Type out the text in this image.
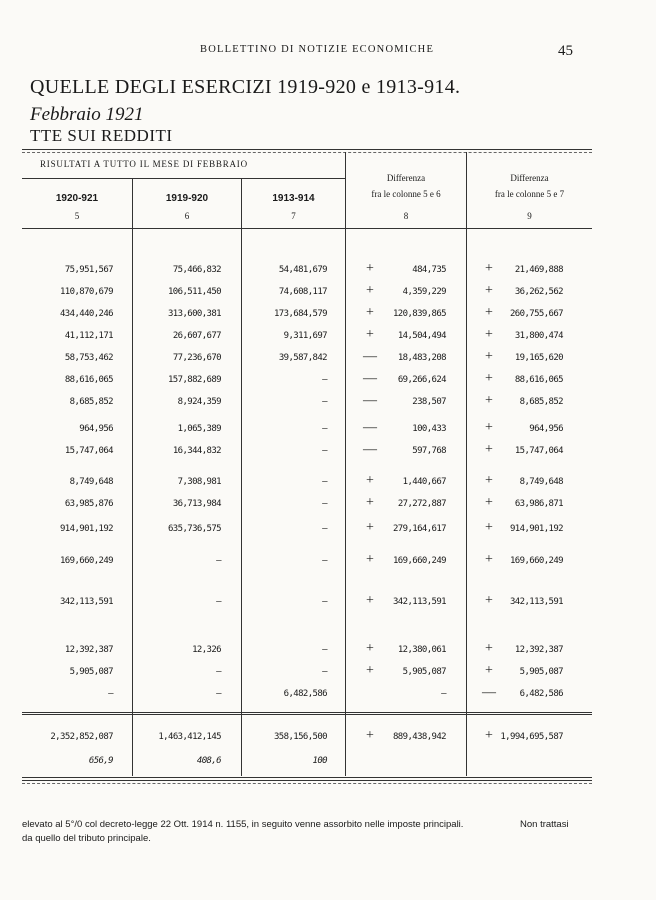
BOLLETTINO DI NOTIZIE ECONOMICHE	45
QUELLE DEGLI ESERCIZI 1919-920 e 1913-914.
Febbraio 1921
TTE SUI REDDITI
RISULTATI A TUTTO IL MESE DI FEBBRAIO
1920-921	1919-920	1913-914
Differenza
fra le colonne 5 e 6
Differenza
fra le colonne 5 e 7
5	6	7	8	9
75,951,567	75,466,832	54,481,679	+	484,735	+	21,469,888
110,870,679	106,511,450	74,608,117	+	4,359,229	+	36,262,562
434,440,246	313,600,381	173,684,579	+	120,839,865	+	260,755,667
41,112,171	26,607,677	9,311,697	+	14,504,494	+	31,800,474
58,753,462	77,236,670	39,587,842	— 18,483,208	+	19,165,620
88,616,065	157,882,689	—	— 69,266,624	+	88,616,065
8,685,852	8,924,359	—	—	238,507	+	8,685,852
964,956	1,065,389	—	—	100,433	+	964,956
15,747,064	16,344,832	—	—	597,768	+	15,747,064
8,749,648	7,308,981	—	+	1,440,667	+	8,749,648
63,985,876	36,713,984	—	+	27,272,887	+	63,986,871
914,901,192	635,736,575	—	+	279,164,617	+	914,901,192
169,660,249	—	—	+	169,660,249	+	169,660,249
342,113,591	—	—	+	342,113,591	+	342,113,591
12,392,387	12,326	—	+	12,380,061	+	12,392,387
5,905,087	—	—	+	5,905,087	+	5,905,087
—	—	6,482,586	—	—	6,482,586
2,352,852,087	1,463,412,145	358,156,500	+	889,438,942	+ 1,994,695,587
656,9	408,6	100
elevato al 5°/0 col decreto-legge 22 Ott. 1914 n. 1155, in seguito venne assorbito nelle imposte principali.	Non trattasi
da quello del tributo principale.
